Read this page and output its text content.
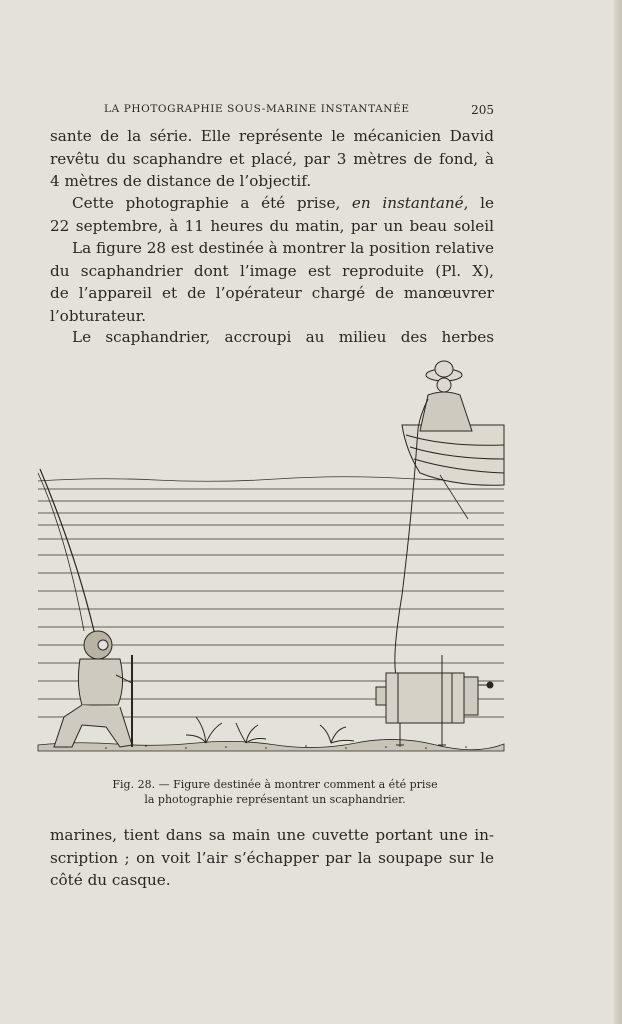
LA PHOTOGRAPHIE SOUS-MARINE INSTANTANÉE	205

sante de la série. Elle représente le mécanicien David
revêtu du scaphandre et placé, par 3 mètres de fond, à
4 mètres de distance de l’objectif.

Cette photographie a été prise, en instantané, le
22 septembre, à 11 heures du matin, par un beau soleil

La figure 28 est destinée à montrer la position relative
du scaphandrier dont l’image est reproduite (Pl. X),
de l’appareil et de l’opérateur chargé de manœuvrer
l’obturateur.

Le scaphandrier, accroupi au milieu des herbes

Fig. 28. — Figure destinée à montrer comment a été prise
la photographie représentant un scaphandrier.

marines, tient dans sa main une cuvette portant une in-
scription ; on voit l’air s’échapper par la soupape sur le
côté du casque.
